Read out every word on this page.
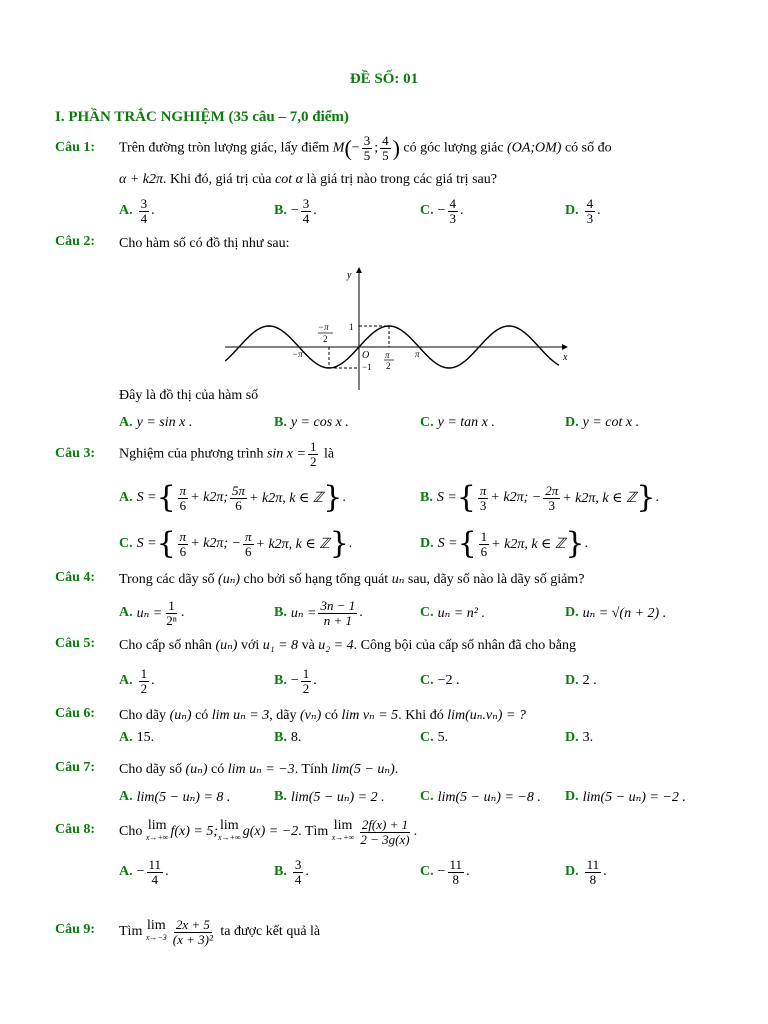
ĐỀ SỐ: 01
I. PHẦN TRẮC NGHIỆM (35 câu – 7,0 điểm)
Câu 1: Trên đường tròn lượng giác, lấy điểm $M(- \frac{3}{5}$ ; $\frac{4}{5}$ ) có góc lượng giác (OA;OM) có số đo
α + k2π. Khi đó, giá trị của cot α là giá trị nào trong các giá trị sau?
A. $\frac{3}{4}$ .	B. − $\frac{3}{4}$ .	C. − $\frac{4}{3}$ .	D. $\frac{4}{3}$ .
Câu 2: Cho hàm số có đồ thị như sau:
y
x
O
−π
2
π
2
−π	π
1
−1
Đây là đồ thị của hàm số
A. y = sin x .	B. y = cos x .	C. y = tan x .	D. y = cot x .
Câu 3: Nghiệm của phương trình $\sin x = \frac{1}{2}$ là
A. S = { $\frac{\pi}{6} + k2\pi$; $\frac{5\pi}{6} + k2\pi$, k ∈ ℤ } .	B. S = { $\frac{\pi}{3} + k2\pi$; − $\frac{2\pi}{3} + k2\pi$, k ∈ ℤ } .
C. S = { $\frac{\pi}{6} + k2\pi$; − $\frac{\pi}{6} + k2\pi$, k ∈ ℤ } .	D. S = { $\frac{1}{6} + k2\pi$, k ∈ ℤ } .
Câu 4: Trong các dãy số (uₙ) cho bởi số hạng tổng quát uₙ sau, dãy số nào là dãy số giảm?
A. $u_n = \frac{1}{\text{2ⁿ}}$ .	B. $u_n = \frac{3n - 1}{n + 1}$ .	C. uₙ = n² .	D. uₙ = √(n + 2) .
Câu 5: Cho cấp số nhân (uₙ) với u₁ = 8 và u₂ = 4. Công bội của cấp số nhân đã cho bằng
A. $\frac{1}{2}$ .	B. − $\frac{1}{2}$ .	C. −2 .	D. 2 .
Câu 6: Cho dãy (uₙ) có lim uₙ = 3, dãy (vₙ) có lim vₙ = 5. Khi đó lim(uₙ.vₙ) = ?
A. 15.	B. 8.	C. 5.	D. 3.
Câu 7: Cho dãy số (uₙ) có lim uₙ = −3. Tính lim(5 − uₙ).
A. lim(5 − uₙ) = 8 .	B. lim(5 − uₙ) = 2 .	C. lim(5 − uₙ) = −8 . D. lim(5 − uₙ) = −2 .
Câu 8: Cho
lim
x→+∞ f(x) = 5; lim
x→+∞ g(x) = −2 . Tìm
lim
$x\to+\infty \frac{2f(x) + 1}{2 - 3g(x)}$ .
A. − $\frac{11}{4}$ .	B. $\frac{3}{4}$ .	C. − $\frac{11}{8}$ .	D. $\frac{11}{8}$ .
Câu 9: Tìm
lim
$x\to-3 \frac{2x + 5}{\text{(x + 3)²}}$
ta được kết quả là
